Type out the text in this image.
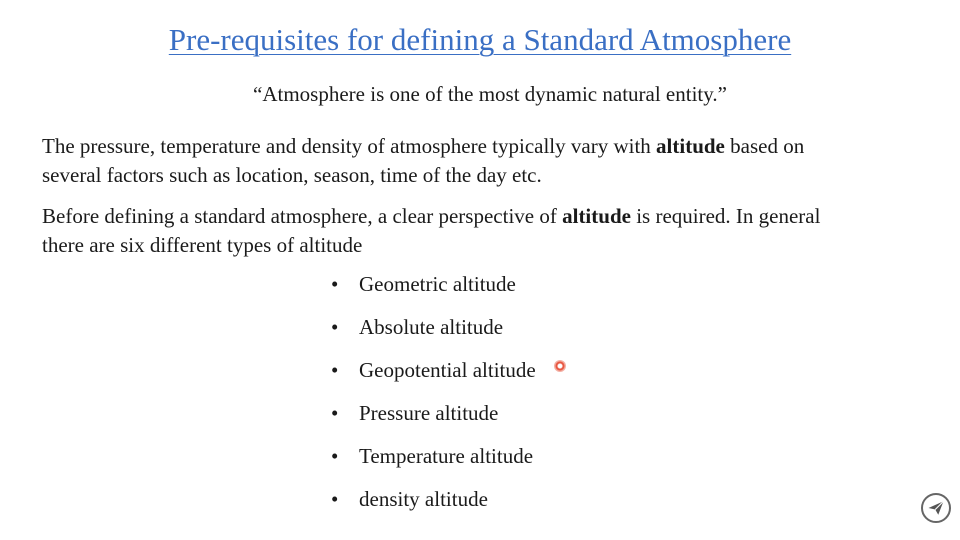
Pre-requisites for defining a Standard Atmosphere
“Atmosphere is one of the most dynamic natural entity.”

The pressure, temperature and density of atmosphere typically vary with altitude based on
several factors such as location, season, time of the day etc.

Before defining a standard atmosphere, a clear perspective of altitude is required. In general
there are six different types of altitude

• Geometric altitude
• Absolute altitude
• Geopotential altitude
• Pressure altitude
• Temperature altitude
• density altitude
